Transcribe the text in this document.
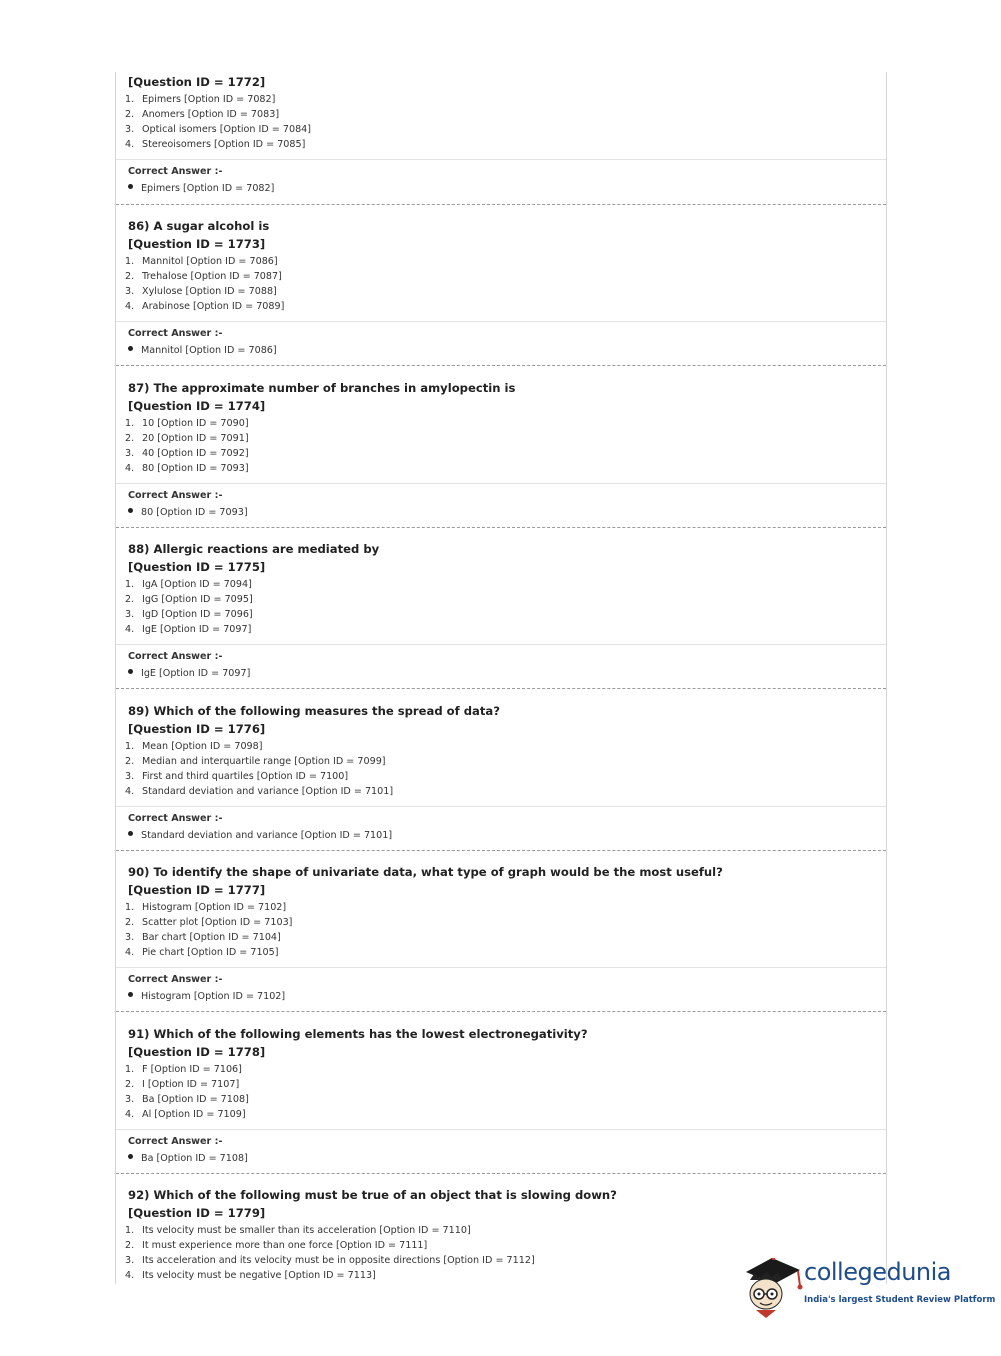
[Question ID = 1772]
1. Epimers [Option ID = 7082]
2. Anomers [Option ID = 7083]
3. Optical isomers [Option ID = 7084]
4. Stereoisomers [Option ID = 7085]
Correct Answer :-
Epimers [Option ID = 7082]
86) A sugar alcohol is
[Question ID = 1773]
1. Mannitol [Option ID = 7086]
2. Trehalose [Option ID = 7087]
3. Xylulose [Option ID = 7088]
4. Arabinose [Option ID = 7089]
Correct Answer :-
Mannitol [Option ID = 7086]
87) The approximate number of branches in amylopectin is
[Question ID = 1774]
1. 10 [Option ID = 7090]
2. 20 [Option ID = 7091]
3. 40 [Option ID = 7092]
4. 80 [Option ID = 7093]
Correct Answer :-
80 [Option ID = 7093]
88) Allergic reactions are mediated by
[Question ID = 1775]
1. IgA [Option ID = 7094]
2. IgG [Option ID = 7095]
3. IgD [Option ID = 7096]
4. IgE [Option ID = 7097]
Correct Answer :-
IgE [Option ID = 7097]
89) Which of the following measures the spread of data?
[Question ID = 1776]
1. Mean [Option ID = 7098]
2. Median and interquartile range [Option ID = 7099]
3. First and third quartiles [Option ID = 7100]
4. Standard deviation and variance [Option ID = 7101]
Correct Answer :-
Standard deviation and variance [Option ID = 7101]
90) To identify the shape of univariate data, what type of graph would be the most useful?
[Question ID = 1777]
1. Histogram [Option ID = 7102]
2. Scatter plot [Option ID = 7103]
3. Bar chart [Option ID = 7104]
4. Pie chart [Option ID = 7105]
Correct Answer :-
Histogram [Option ID = 7102]
91) Which of the following elements has the lowest electronegativity?
[Question ID = 1778]
1. F [Option ID = 7106]
2. I [Option ID = 7107]
3. Ba [Option ID = 7108]
4. Al [Option ID = 7109]
Correct Answer :-
Ba [Option ID = 7108]
92) Which of the following must be true of an object that is slowing down?
[Question ID = 1779]
1. Its velocity must be smaller than its acceleration [Option ID = 7110]
2. It must experience more than one force [Option ID = 7111]
3. Its acceleration and its velocity must be in opposite directions [Option ID = 7112]
4. Its velocity must be negative [Option ID = 7113]	collegedunia
India's largest Student Review Platform
